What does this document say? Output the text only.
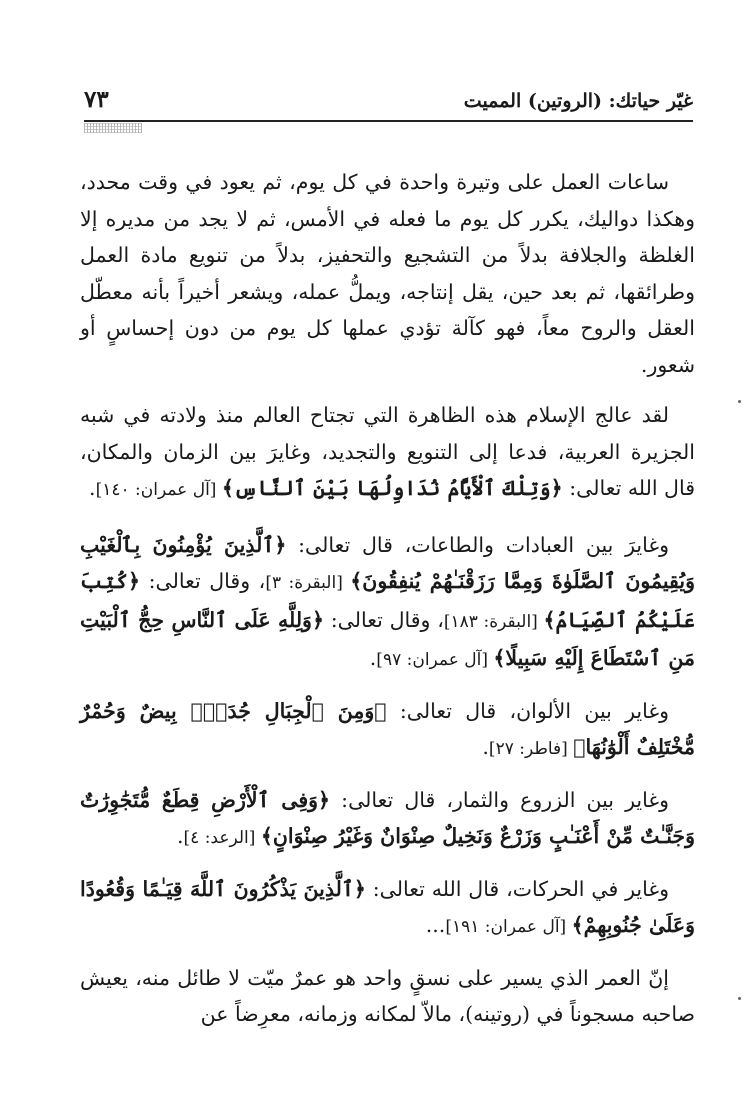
غيّر حياتك: (الروتين) المميت
٧٣

ساعات العمل على وتيرة واحدة في كل يوم، ثم يعود في وقت محدد، وهكذا دواليك، يكرر كل يوم ما فعله في الأمس، ثم لا يجد من مديره إلا الغلظة والجلافة بدلاً من التشجيع والتحفيز، بدلاً من تنويع مادة العمل وطرائقها، ثم بعد حين، يقل إنتاجه، ويملُّ عمله، ويشعر أخيراً بأنه معطّل العقل والروح معاً، فهو كآلة تؤدي عملها كل يوم من دون إحساسٍ أو شعور.

لقد عالج الإسلام هذه الظاهرة التي تجتاح العالم منذ ولادته في شبه الجزيرة العربية، فدعا إلى التنويع والتجديد، وغايرَ بين الزمان والمكان، قال الله تعالى: ﴿وَتِلْكَ ٱلْأَيَّامُ نُدَاوِلُهَا بَيْنَ ٱلنَّاسِ﴾ [آل عمران: ١٤٠].

وغايرَ بين العبادات والطاعات، قال تعالى: ﴿ٱلَّذِينَ يُؤْمِنُونَ بِٱلْغَيْبِ وَيُقِيمُونَ ٱلصَّلَوٰةَ وَمِمَّا رَزَقْنَـٰهُمْ يُنفِقُونَ﴾ [البقرة: ٣]، وقال تعالى: ﴿كُتِبَ عَلَيْكُمُ ٱلصِّيَامُ﴾ [البقرة: ١٨٣]، وقال تعالى: ﴿وَلِلَّهِ عَلَى ٱلنَّاسِ حِجُّ ٱلْبَيْتِ مَنِ ٱسْتَطَاعَ إِلَيْهِ سَبِيلًا﴾ [آل عمران: ٩٧].

وغاير بين الألوان، قال تعالى: ﴿وَمِنَ ٱلْجِبَالِ جُدَدٌۢ بِيضٌ وَحُمْرٌ مُّخْتَلِفٌ أَلْوَٰنُهَا﴾ [فاطر: ٢٧].

وغاير بين الزروع والثمار، قال تعالى: ﴿وَفِى ٱلْأَرْضِ قِطَعٌ مُّتَجَٰوِرَٰتٌ وَجَنَّـٰتٌ مِّنْ أَعْنَـٰبٍ وَزَرْعٌ وَنَخِيلٌ صِنْوَانٌ وَغَيْرُ صِنْوَانٍ﴾ [الرعد: ٤].

وغاير في الحركات، قال الله تعالى: ﴿ٱلَّذِينَ يَذْكُرُونَ ٱللَّهَ قِيَـٰمًا وَقُعُودًا وَعَلَىٰ جُنُوبِهِمْ﴾ [آل عمران: ١٩١]...

إنّ العمر الذي يسير على نسقٍ واحد هو عمرٌ ميّت لا طائل منه، يعيش صاحبه مسجوناً في (روتينه)، مالاّ لمكانه وزمانه، معرِضاً عن
